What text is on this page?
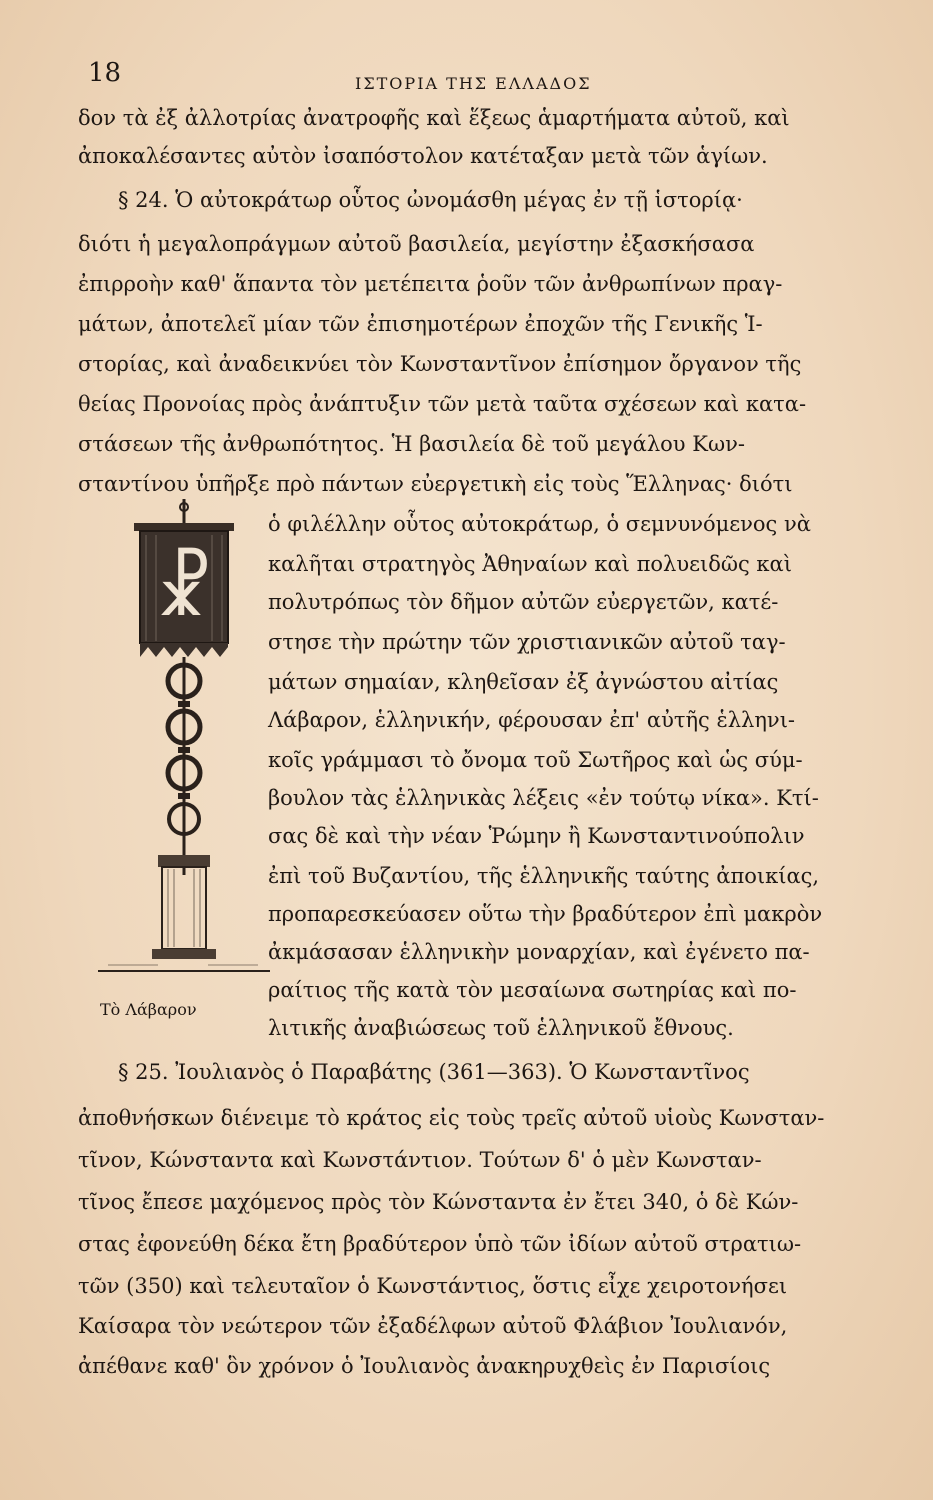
18	ΙΣΤΟΡΙΑ ΤΗΣ ΕΛΛΑΔΟΣ
δον τὰ ἐξ ἀλλοτρίας ἀνατροφῆς καὶ ἕξεως ἁμαρτήματα αὐτοῦ, καὶ
ἀποκαλέσαντες αὐτὸν ἰσαπόστολον κατέταξαν μετὰ τῶν ἁγίων.
§ 24. Ὁ αὐτοκράτωρ οὗτος ὠνομάσθη μέγας ἐν τῇ ἱστορίᾳ·
διότι ἡ μεγαλοπράγμων αὐτοῦ βασιλεία, μεγίστην ἐξασκήσασα
ἐπιρροὴν καθ' ἅπαντα τὸν μετέπειτα ῥοῦν τῶν ἀνθρωπίνων πραγ-
μάτων, ἀποτελεῖ μίαν τῶν ἐπισημοτέρων ἐποχῶν τῆς Γενικῆς Ἱ-
στορίας, καὶ ἀναδεικνύει τὸν Κωνσταντῖνον ἐπίσημον ὄργανον τῆς
θείας Προνοίας πρὸς ἀνάπτυξιν τῶν μετὰ ταῦτα σχέσεων καὶ κατα-
στάσεων τῆς ἀνθρωπότητος. Ἡ βασιλεία δὲ τοῦ μεγάλου Κων-
σταντίνου ὑπῆρξε πρὸ πάντων εὐεργετικὴ εἰς τοὺς Ἕλληνας· διότι
☧
Τὸ Λάβαρον
ὁ φιλέλλην οὗτος αὐτοκράτωρ, ὁ σεμνυνόμενος νὰ
καλῆται στρατηγὸς Ἀθηναίων καὶ πολυειδῶς καὶ
πολυτρόπως τὸν δῆμον αὐτῶν εὐεργετῶν, κατέ-
στησε τὴν πρώτην τῶν χριστιανικῶν αὐτοῦ ταγ-
μάτων σημαίαν, κληθεῖσαν ἐξ ἀγνώστου αἰτίας
Λάβαρον, ἑλληνικήν, φέρουσαν ἐπ' αὐτῆς ἑλληνι-
κοῖς γράμμασι τὸ ὄνομα τοῦ Σωτῆρος καὶ ὡς σύμ-
βουλον τὰς ἑλληνικὰς λέξεις «ἐν τούτῳ νίκα». Κτί-
σας δὲ καὶ τὴν νέαν Ῥώμην ἢ Κωνσταντινούπολιν
ἐπὶ τοῦ Βυζαντίου, τῆς ἑλληνικῆς ταύτης ἀποικίας,
προπαρεσκεύασεν οὕτω τὴν βραδύτερον ἐπὶ μακρὸν
ἀκμάσασαν ἑλληνικὴν μοναρχίαν, καὶ ἐγένετο πα-
ραίτιος τῆς κατὰ τὸν μεσαίωνα σωτηρίας καὶ πο-
λιτικῆς ἀναβιώσεως τοῦ ἑλληνικοῦ ἔθνους.
§ 25. Ἰουλιανὸς ὁ Παραβάτης (361—363). Ὁ Κωνσταντῖνος
ἀποθνήσκων διένειμε τὸ κράτος εἰς τοὺς τρεῖς αὐτοῦ υἱοὺς Κωνσταν-
τῖνον, Κώνσταντα καὶ Κωνστάντιον. Τούτων δ' ὁ μὲν Κωνσταν-
τῖνος ἔπεσε μαχόμενος πρὸς τὸν Κώνσταντα ἐν ἔτει 340, ὁ δὲ Κών-
στας ἐφονεύθη δέκα ἔτη βραδύτερον ὑπὸ τῶν ἰδίων αὐτοῦ στρατιω-
τῶν (350) καὶ τελευταῖον ὁ Κωνστάντιος, ὅστις εἶχε χειροτονήσει
Καίσαρα τὸν νεώτερον τῶν ἐξαδέλφων αὐτοῦ Φλάβιον Ἰουλιανόν,
ἀπέθανε καθ' ὃν χρόνον ὁ Ἰουλιανὸς ἀνακηρυχθεὶς ἐν Παρισίοις
